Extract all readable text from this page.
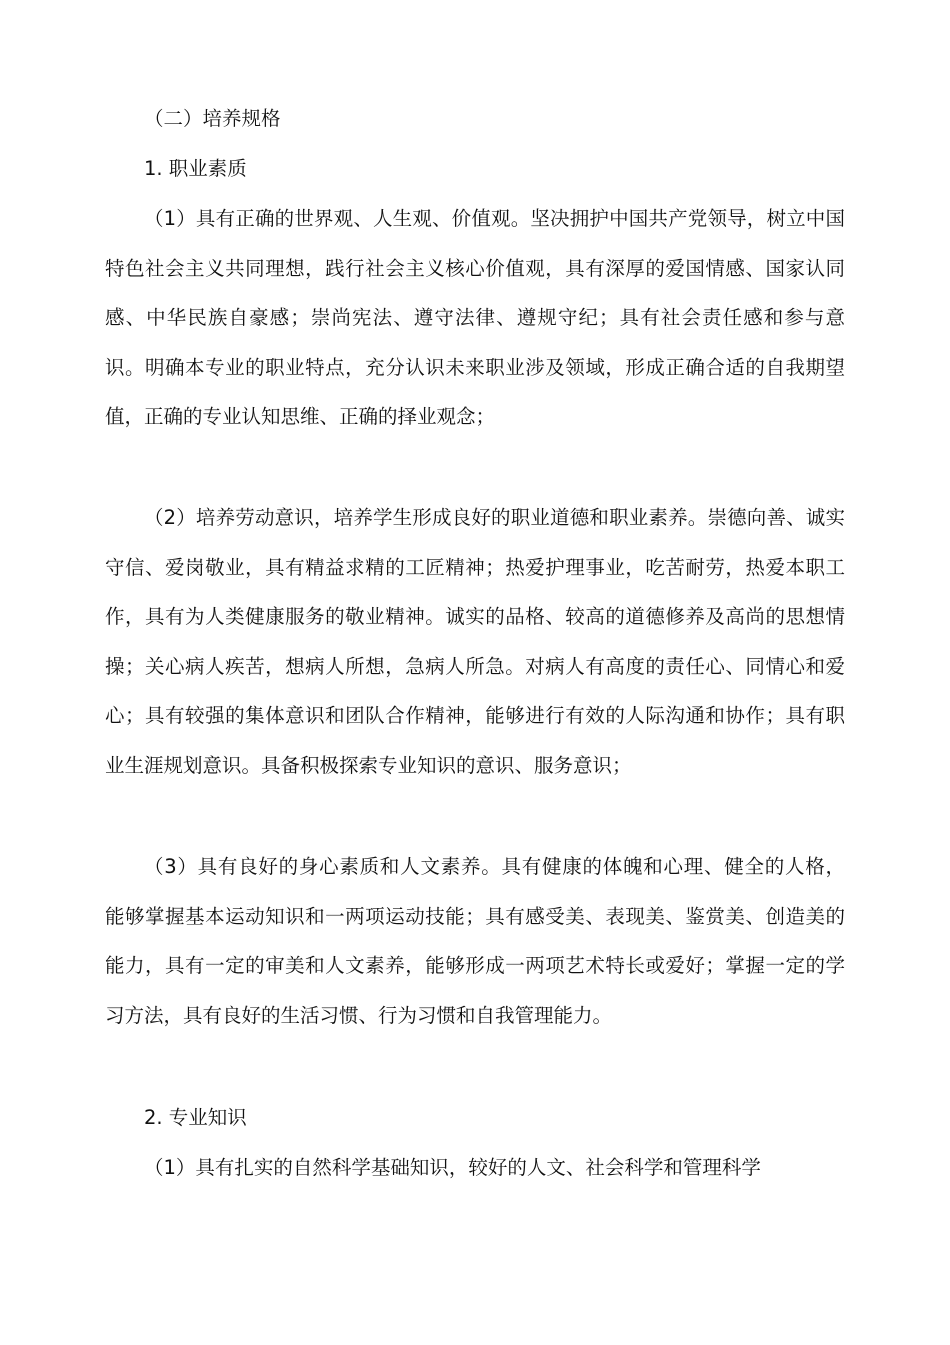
（二）培养规格

1. 职业素质

（1）具有正确的世界观、人生观、价值观。坚决拥护中国共产党领导，树立中国特色社会主义共同理想，践行社会主义核心价值观，具有深厚的爱国情感、国家认同感、中华民族自豪感；崇尚宪法、遵守法律、遵规守纪；具有社会责任感和参与意识。明确本专业的职业特点，充分认识未来职业涉及领域，形成正确合适的自我期望值，正确的专业认知思维、正确的择业观念；

（2）培养劳动意识，培养学生形成良好的职业道德和职业素养。崇德向善、诚实守信、爱岗敬业，具有精益求精的工匠精神；热爱护理事业，吃苦耐劳，热爱本职工作，具有为人类健康服务的敬业精神。诚实的品格、较高的道德修养及高尚的思想情操；关心病人疾苦，想病人所想，急病人所急。对病人有高度的责任心、同情心和爱心；具有较强的集体意识和团队合作精神，能够进行有效的人际沟通和协作；具有职业生涯规划意识。具备积极探索专业知识的意识、服务意识；

（3）具有良好的身心素质和人文素养。具有健康的体魄和心理、健全的人格， 能够掌握基本运动知识和一两项运动技能；具有感受美、表现美、鉴赏美、创造美的能力，具有一定的审美和人文素养，能够形成一两项艺术特长或爱好；掌握一定的学习方法，具有良好的生活习惯、行为习惯和自我管理能力。

2. 专业知识

（1）具有扎实的自然科学基础知识，较好的人文、社会科学和管理科学
